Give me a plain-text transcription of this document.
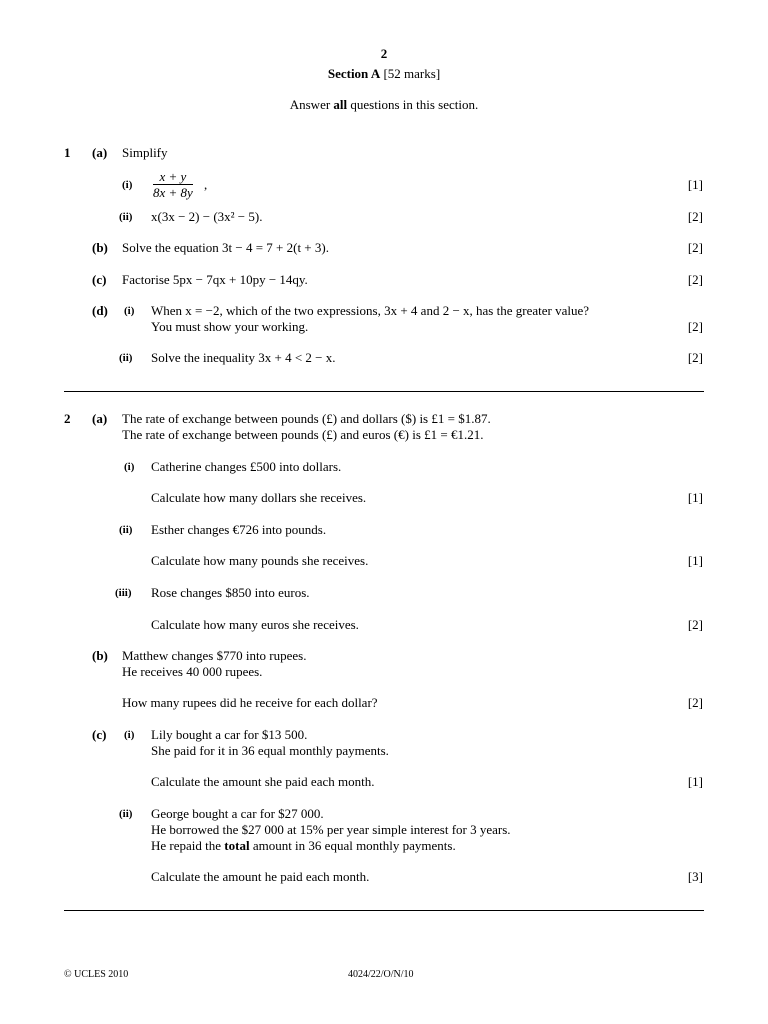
2
Section A [52 marks]
Answer all questions in this section.
1 (a) Simplify
$(i) \frac{x + y}{8x + 8y}$ ,	[1]
(ii) x(3x − 2) − (3x² − 5).	[2]
(b) Solve the equation 3t − 4 = 7 + 2(t + 3).	[2]
(c) Factorise 5px − 7qx + 10py − 14qy.	[2]
(d) (i) When x = −2, which of the two expressions, 3x + 4 and 2 − x, has the greater value?
You must show your working.	[2]
(ii) Solve the inequality 3x + 4 < 2 − x.	[2]
2 (a) The rate of exchange between pounds (£) and dollars ($) is £1 = $1.87.
The rate of exchange between pounds (£) and euros (€) is £1 = €1.21.
(i) Catherine changes £500 into dollars.
Calculate how many dollars she receives.	[1]
(ii) Esther changes €726 into pounds.
Calculate how many pounds she receives.	[1]
(iii) Rose changes $850 into euros.
Calculate how many euros she receives.	[2]
(b) Matthew changes $770 into rupees.
He receives 40 000 rupees.
How many rupees did he receive for each dollar?	[2]
(c) (i) Lily bought a car for $13 500.
She paid for it in 36 equal monthly payments.
Calculate the amount she paid each month.	[1]
(ii) George bought a car for $27 000.
He borrowed the $27 000 at 15% per year simple interest for 3 years.
He repaid the total amount in 36 equal monthly payments.
Calculate the amount he paid each month.	[3]
© UCLES 2010	4024/22/O/N/10
